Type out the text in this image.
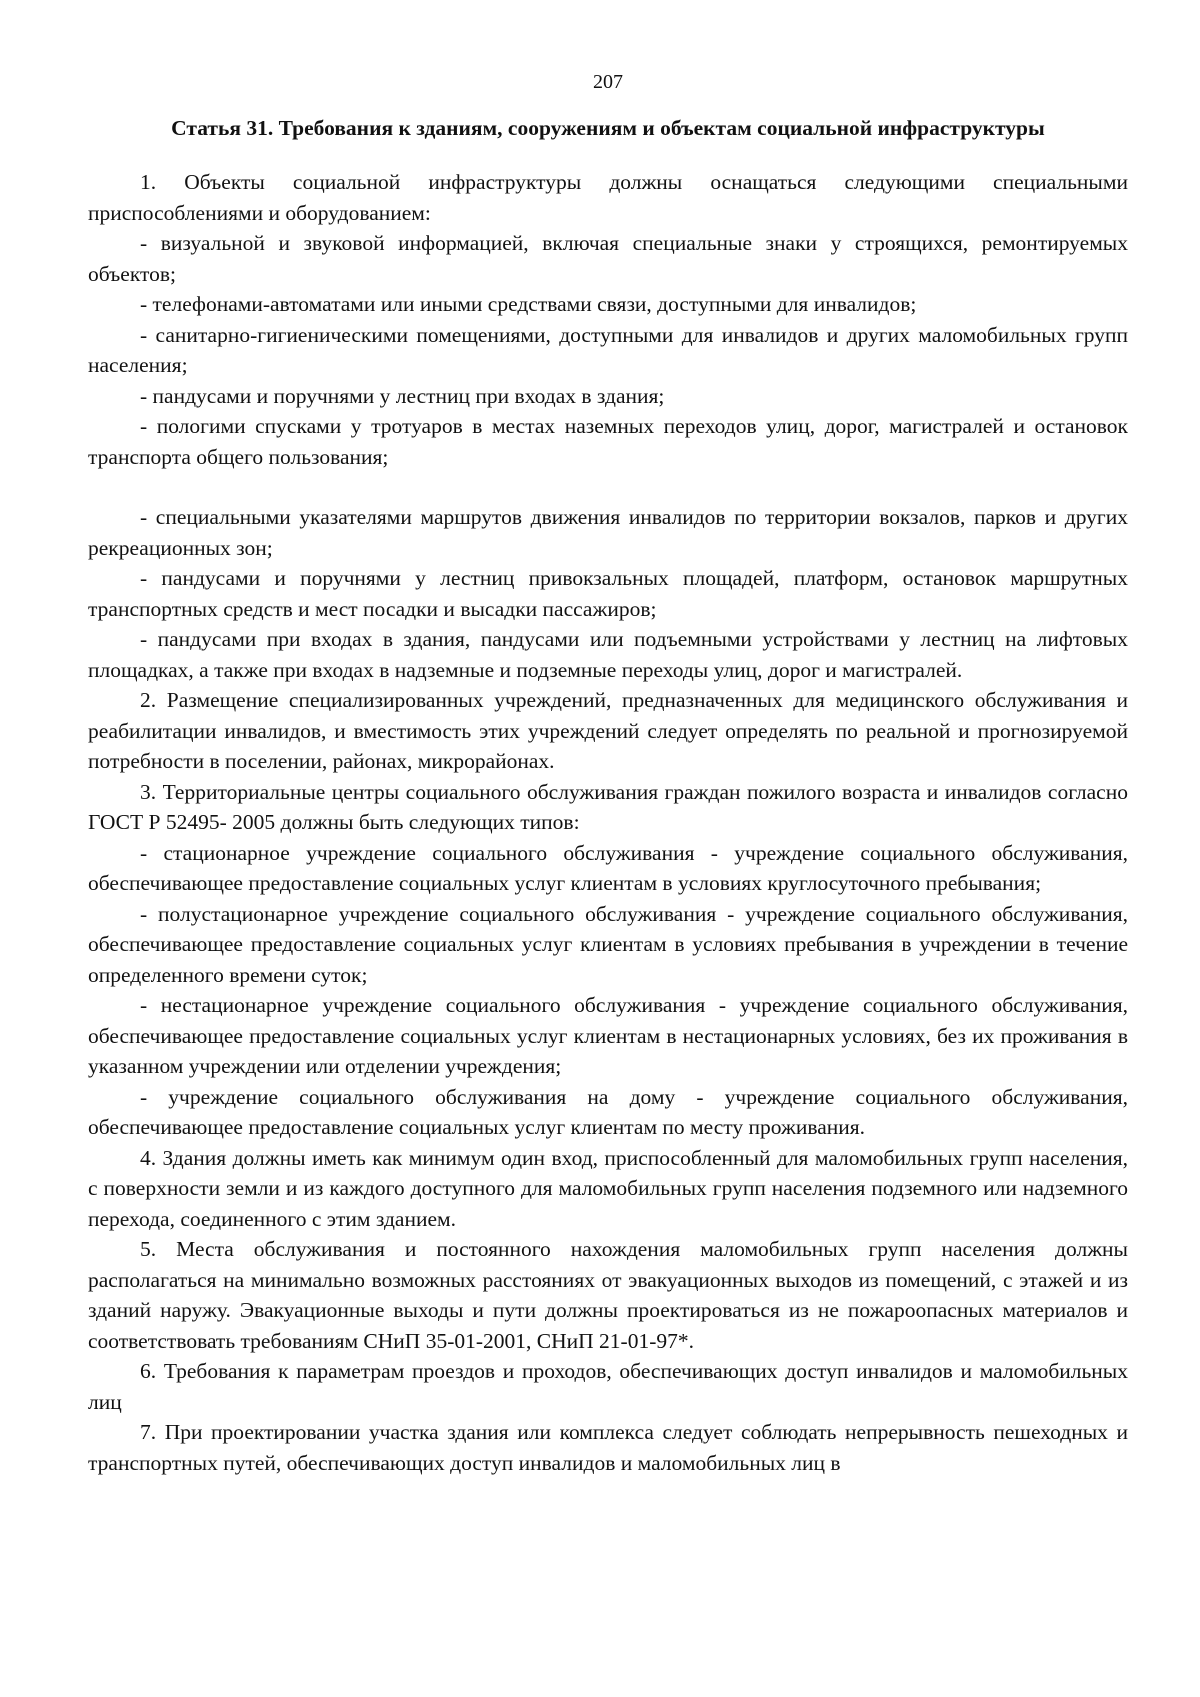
207
Статья 31. Требования к зданиям, сооружениям и объектам социальной инфраструктуры

1. Объекты социальной инфраструктуры должны оснащаться следующими специальными приспособлениями и оборудованием:

- визуальной и звуковой информацией, включая специальные знаки у строящихся, ремонтируемых объектов;

- телефонами-автоматами или иными средствами связи, доступными для инвалидов;

- санитарно-гигиеническими помещениями, доступными для инвалидов и других маломобильных групп населения;

- пандусами и поручнями у лестниц при входах в здания;

- пологими спусками у тротуаров в местах наземных переходов улиц, дорог, магистралей и остановок транспорта общего пользования;

- специальными указателями маршрутов движения инвалидов по территории вокзалов, парков и других рекреационных зон;

- пандусами и поручнями у лестниц привокзальных площадей, платформ, остановок маршрутных транспортных средств и мест посадки и высадки пассажиров;

- пандусами при входах в здания, пандусами или подъемными устройствами у лестниц на лифтовых площадках, а также при входах в надземные и подземные переходы улиц, дорог и магистралей.

2. Размещение специализированных учреждений, предназначенных для медицинского обслуживания и реабилитации инвалидов, и вместимость этих учреждений следует определять по реальной и прогнозируемой потребности в поселении, районах, микрорайонах.

3. Территориальные центры социального обслуживания граждан пожилого возраста и инвалидов согласно ГОСТ Р 52495- 2005 должны быть следующих типов:

- стационарное учреждение социального обслуживания - учреждение социального обслуживания, обеспечивающее предоставление социальных услуг клиентам в условиях круглосуточного пребывания;

- полустационарное учреждение социального обслуживания - учреждение социального обслуживания, обеспечивающее предоставление социальных услуг клиентам в условиях пребывания в учреждении в течение определенного времени суток;

- нестационарное учреждение социального обслуживания - учреждение социального обслуживания, обеспечивающее предоставление социальных услуг клиентам в нестационарных условиях, без их проживания в указанном учреждении или отделении учреждения;

- учреждение социального обслуживания на дому - учреждение социального обслуживания, обеспечивающее предоставление социальных услуг клиентам по месту проживания.

4. Здания должны иметь как минимум один вход, приспособленный для маломобильных групп населения, с поверхности земли и из каждого доступного для маломобильных групп населения подземного или надземного перехода, соединенного с этим зданием.

5. Места обслуживания и постоянного нахождения маломобильных групп населения должны располагаться на минимально возможных расстояниях от эвакуационных выходов из помещений, с этажей и из зданий наружу. Эвакуационные выходы и пути должны проектироваться из не пожароопасных материалов и соответствовать требованиям СНиП 35-01-2001, СНиП 21-01-97*.

6. Требования к параметрам проездов и проходов, обеспечивающих доступ инвалидов и маломобильных лиц

7. При проектировании участка здания или комплекса следует соблюдать непрерывность пешеходных и транспортных путей, обеспечивающих доступ инвалидов и маломобильных лиц в
